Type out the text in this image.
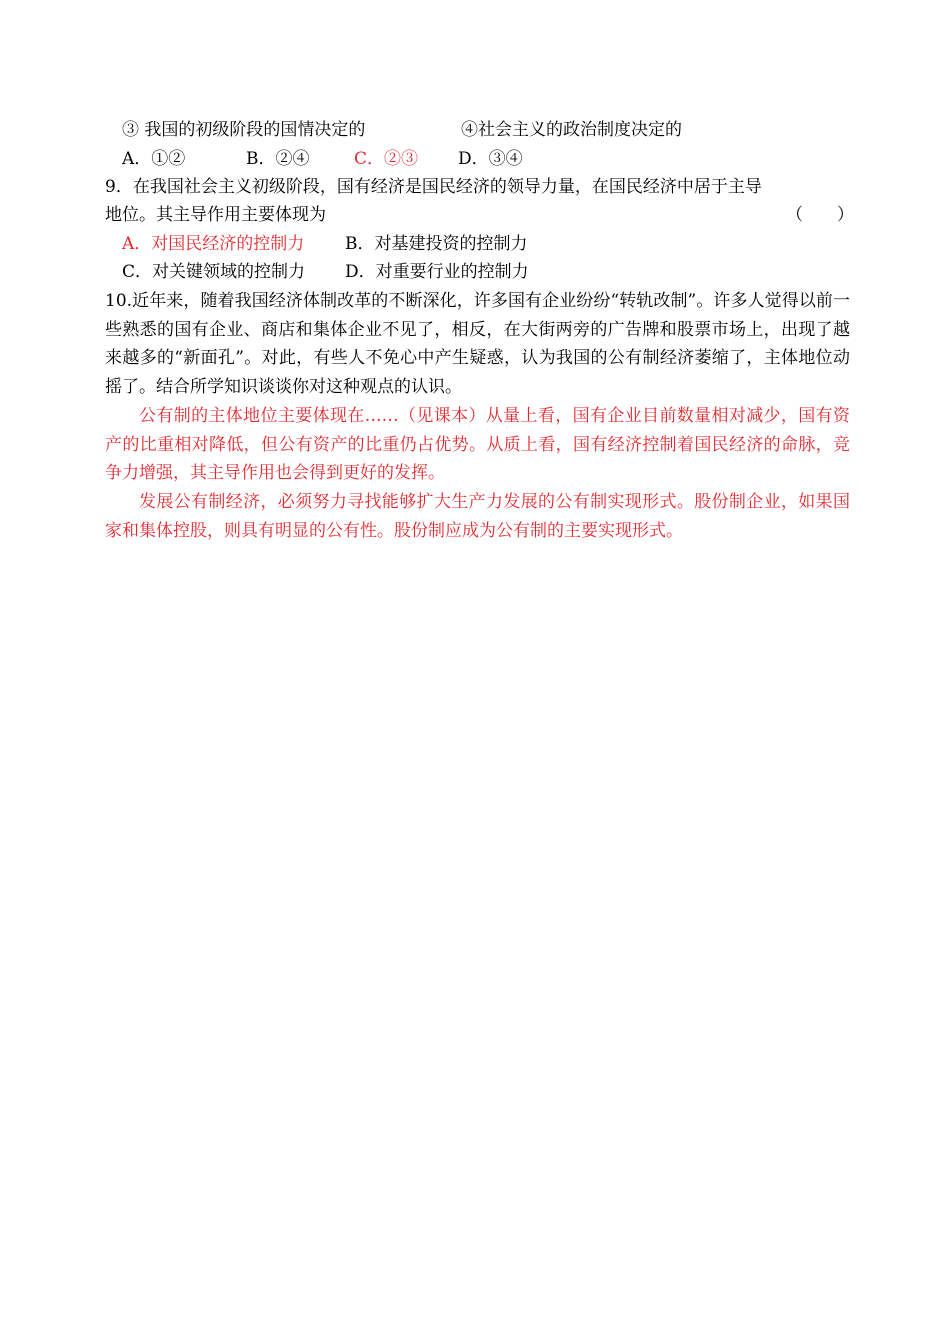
③ 我国的初级阶段的国情决定的	④社会主义的政治制度决定的
A．①②	B．②④	C．②③ D．③④
9．在我国社会主义初级阶段，国有经济是国民经济的领导力量，在国民经济中居于主导
地位。其主导作用主要体现为	（　　）
A．对国民经济的控制力 B．对基建投资的控制力
C．对关键领域的控制力 D．对重要行业的控制力
10.近年来，随着我国经济体制改革的不断深化，许多国有企业纷纷“转轨改制”。许多人觉得以前一些熟悉的国有企业、商店和集体企业不见了，相反，在大街两旁的广告牌和股票市场上，出现了越来越多的“新面孔”。对此，有些人不免心中产生疑惑，认为我国的公有制经济萎缩了，主体地位动摇了。结合所学知识谈谈你对这种观点的认识。
公有制的主体地位主要体现在……（见课本）从量上看，国有企业目前数量相对减少，国有资产的比重相对降低，但公有资产的比重仍占优势。从质上看，国有经济控制着国民经济的命脉，竞争力增强，其主导作用也会得到更好的发挥。
发展公有制经济，必须努力寻找能够扩大生产力发展的公有制实现形式。股份制企业，如果国家和集体控股，则具有明显的公有性。股份制应成为公有制的主要实现形式。
